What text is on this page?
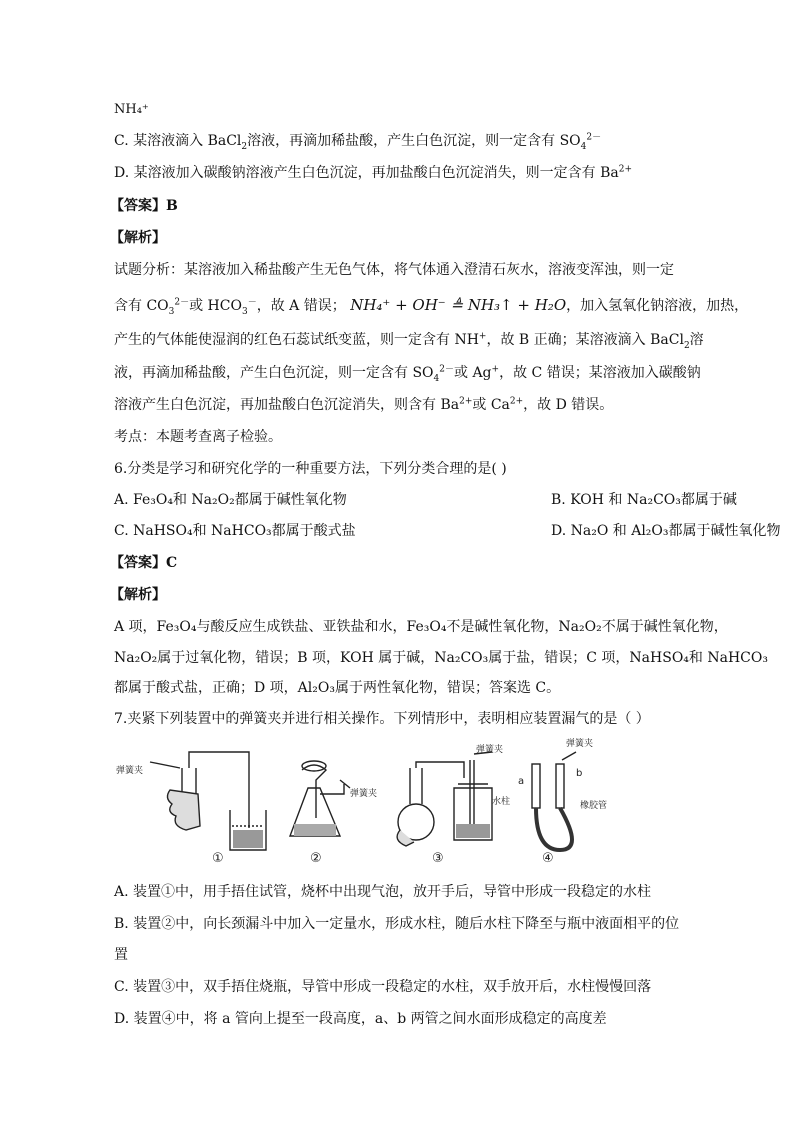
NH₄⁺
C. 某溶液滴入 BaCl$_2$溶液，再滴加稀盐酸，产生白色沉淀，则一定含有 $SO_4^{2-}$
D. 某溶液加入碳酸钠溶液产生白色沉淀，再加盐酸白色沉淀消失，则一定含有 $Ba^{2+}$
【答案】B
【解析】
试题分析：某溶液加入稀盐酸产生无色气体，将气体通入澄清石灰水，溶液变浑浊，则一定
含有 $CO_3^{2-}$或 $HCO_3^-$，故 A 错误； NH₄⁺ + OH⁻ ≜ NH₃↑ + H₂O，加入氢氧化钠溶液，加热，
产生的气体能使湿润的红色石蕊试纸变蓝，则一定含有 NH+，故 B 正确；某溶液滴入 BaCl$_2$溶
液，再滴加稀盐酸，产生白色沉淀，则一定含有 $SO_4^{2-}$或 Ag+，故 C 错误；某溶液加入碳酸钠
溶液产生白色沉淀，再加盐酸白色沉淀消失，则含有 $Ba^{2+}$或 $Ca^{2+}$，故 D 错误。
考点：本题考查离子检验。
6.分类是学习和研究化学的一种重要方法，下列分类合理的是( )
A. Fe₃O₄和 Na₂O₂都属于碱性氧化物	B. KOH 和 Na₂CO₃都属于碱
C. NaHSO₄和 NaHCO₃都属于酸式盐	D. Na₂O 和 Al₂O₃都属于碱性氧化物
【答案】C
【解析】
A 项，Fe₃O₄与酸反应生成铁盐、亚铁盐和水，Fe₃O₄不是碱性氧化物，Na₂O₂不属于碱性氧化物，
Na₂O₂属于过氧化物，错误；B 项，KOH 属于碱，Na₂CO₃属于盐，错误；C 项，NaHSO₄和 NaHCO₃
都属于酸式盐，正确；D 项，Al₂O₃属于两性氧化物，错误；答案选 C。
7.夹紧下列装置中的弹簧夹并进行相关操作。下列情形中，表明相应装置漏气的是（ ）
弹簧夹
①
弹簧夹
②
弹簧夹
水柱
③
弹簧夹
a
b
橡胶管
④
A. 装置①中，用手捂住试管，烧杯中出现气泡，放开手后，导管中形成一段稳定的水柱
B. 装置②中，向长颈漏斗中加入一定量水，形成水柱，随后水柱下降至与瓶中液面相平的位
置
C. 装置③中，双手捂住烧瓶，导管中形成一段稳定的水柱，双手放开后，水柱慢慢回落
D. 装置④中，将 a 管向上提至一段高度，a、b 两管之间水面形成稳定的高度差
